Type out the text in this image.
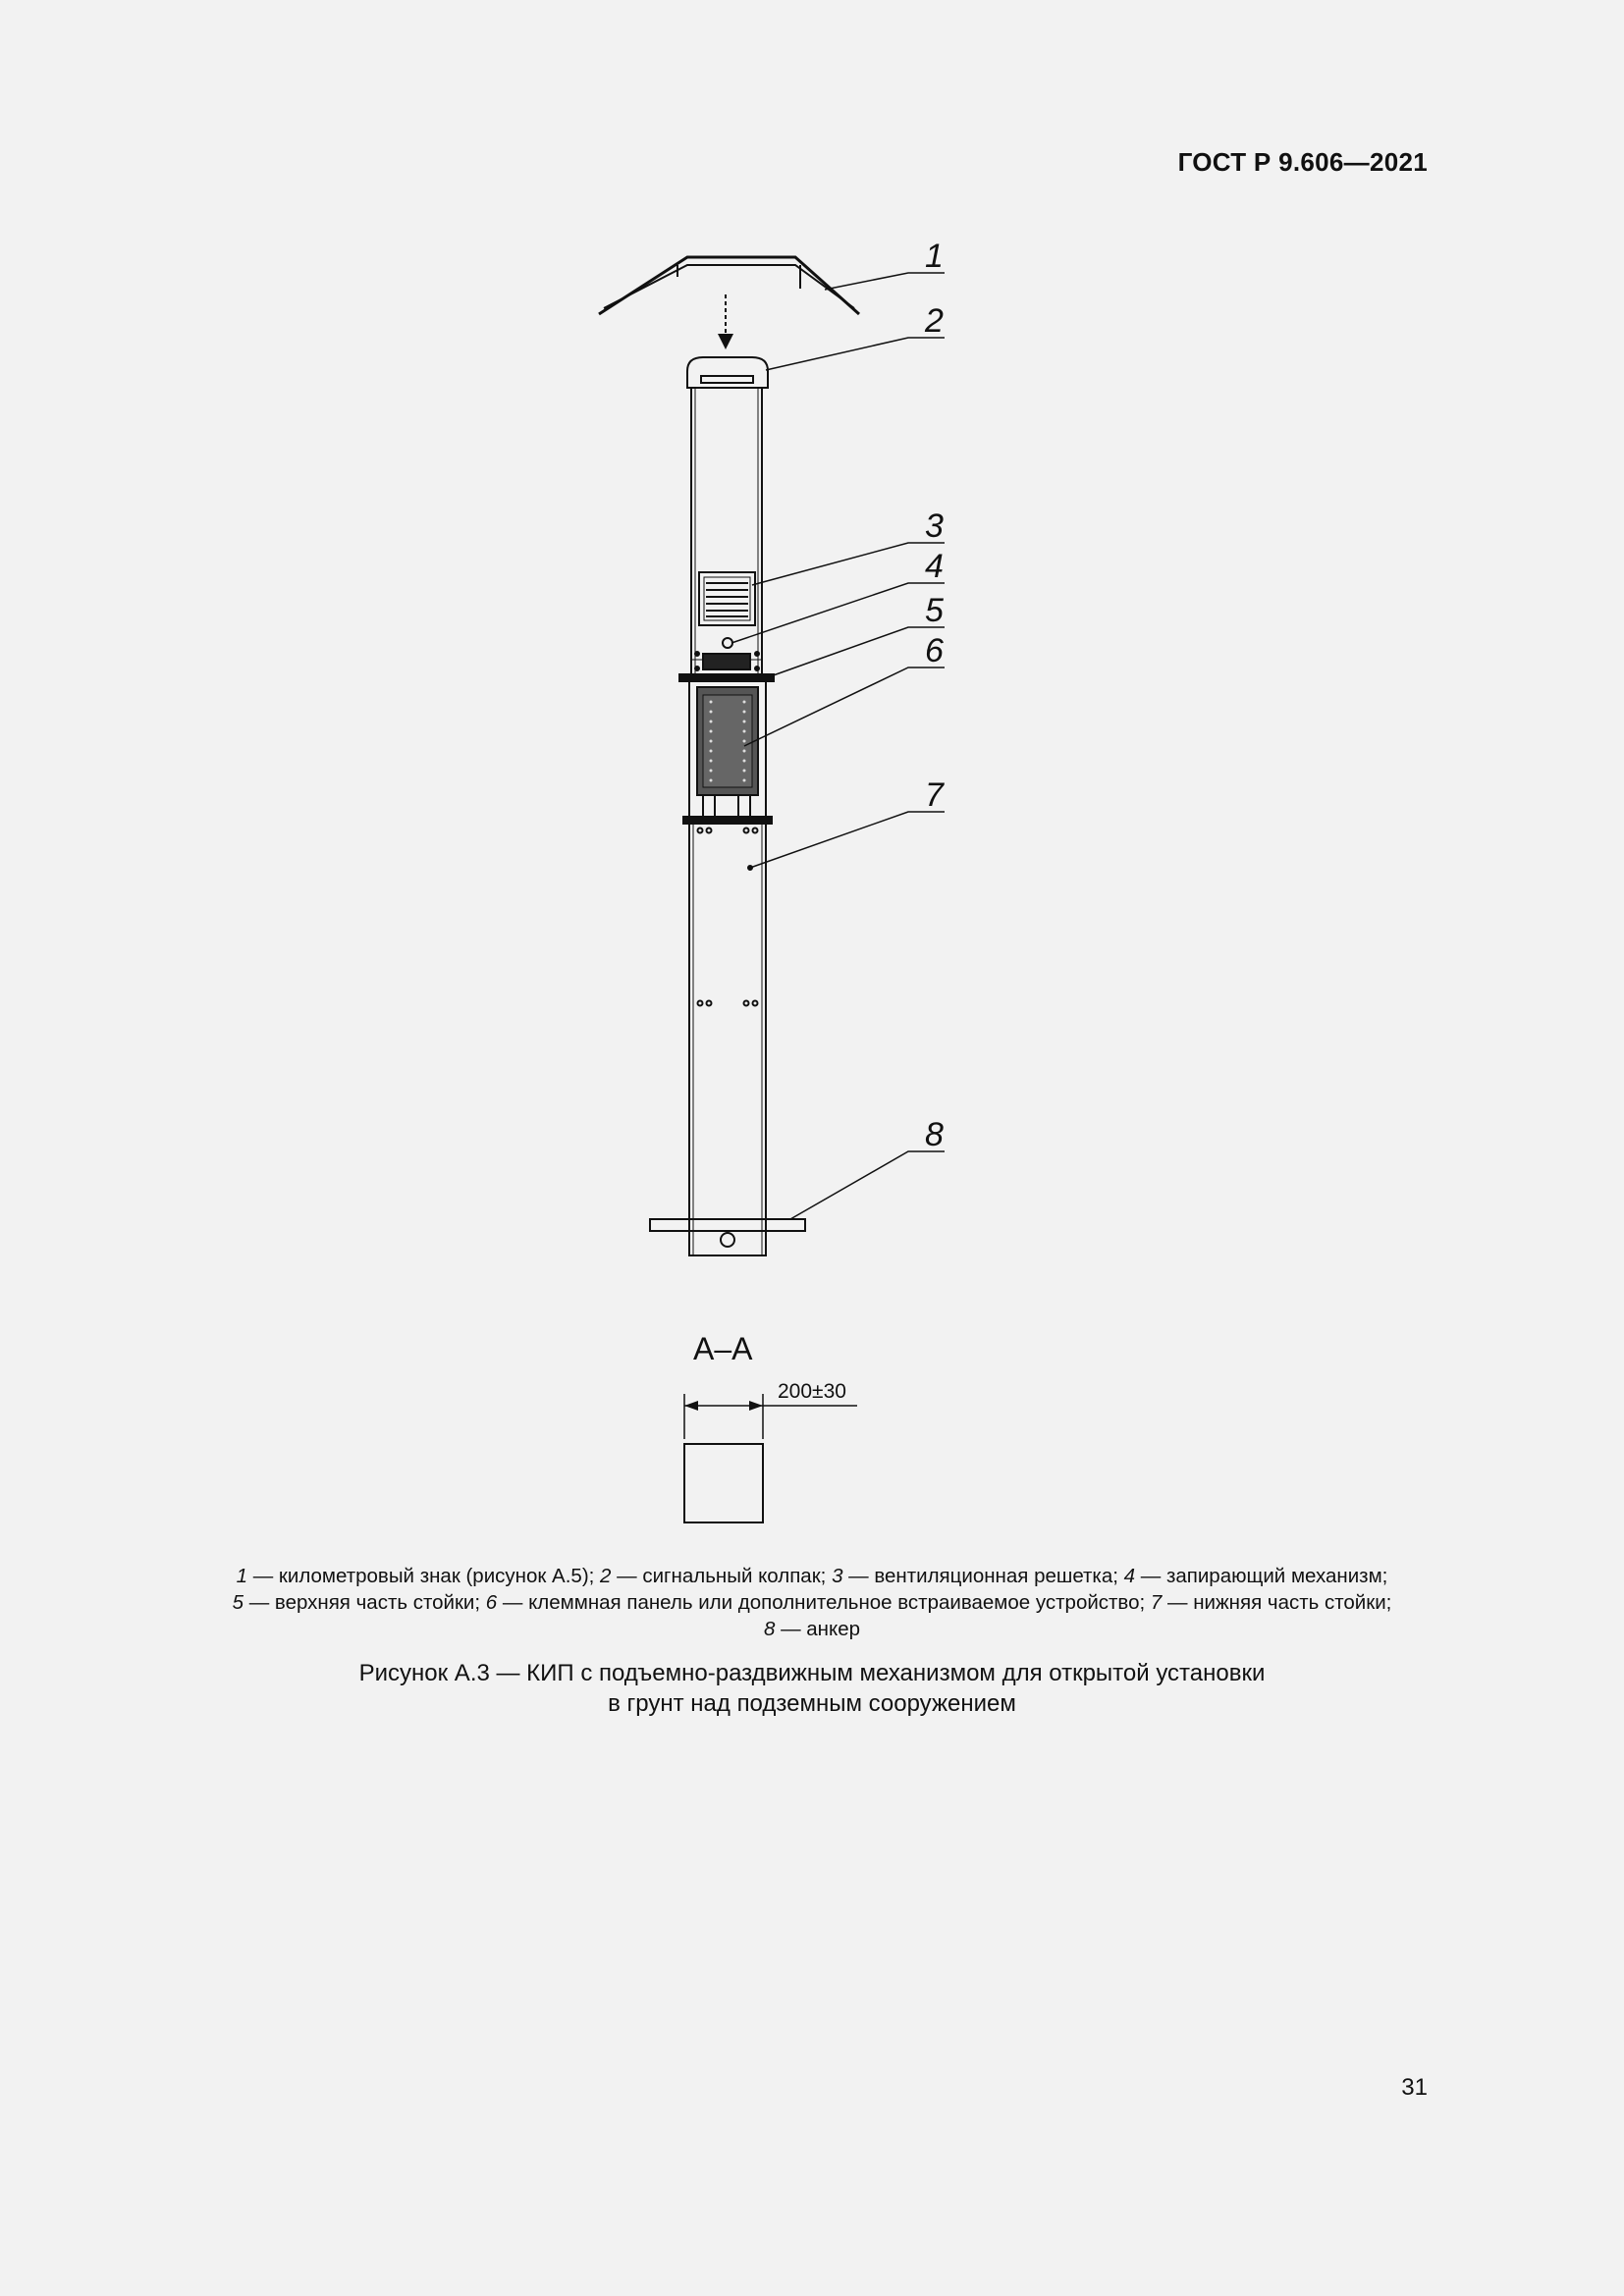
ГОСТ Р 9.606—2021
1
2
3
4
5
6
7
8
А–А
200±30
1 — километровый знак (рисунок А.5); 2 — сигнальный колпак; 3 — вентиляционная решетка; 4 — запирающий механизм;
5 — верхняя часть стойки; 6 — клеммная панель или дополнительное встраиваемое устройство; 7 — нижняя часть стойки;
8 — анкер
Рисунок А.3 — КИП с подъемно-раздвижным механизмом для открытой установки
в грунт над подземным сооружением
31
